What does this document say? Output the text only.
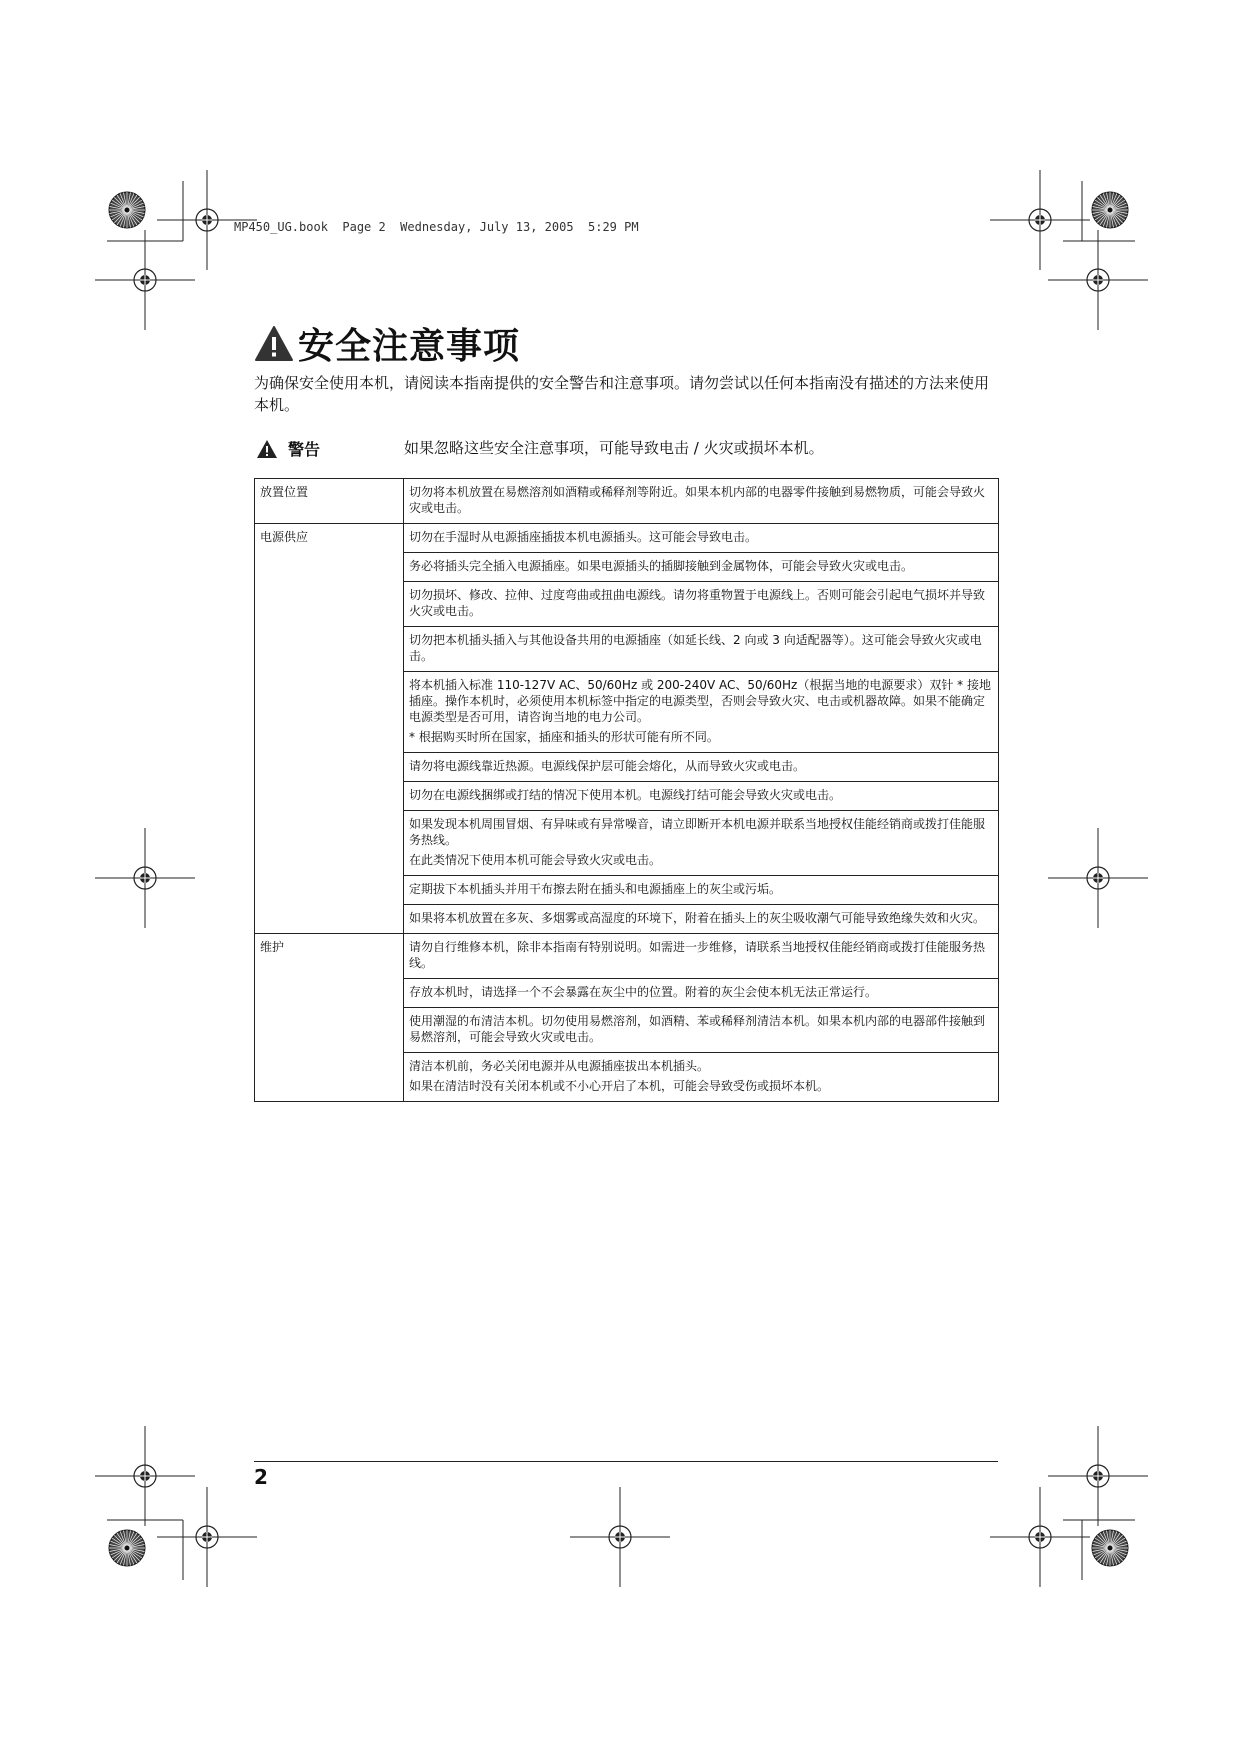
MP450_UG.book  Page 2  Wednesday, July 13, 2005  5:29 PM
安全注意事项
为确保安全使用本机，请阅读本指南提供的安全警告和注意事项。请勿尝试以任何本指南没有描述的方法来使用本机。
警告	如果忽略这些安全注意事项，可能导致电击 / 火灾或损坏本机。
放置位置	切勿将本机放置在易燃溶剂如酒精或稀释剂等附近。如果本机内部的电器零件接触到易燃物质，可能会导致火灾或电击。

电源供应	切勿在手湿时从电源插座插拔本机电源插头。这可能会导致电击。

	务必将插头完全插入电源插座。如果电源插头的插脚接触到金属物体，可能会导致火灾或电击。

	切勿损坏、修改、拉伸、过度弯曲或扭曲电源线。请勿将重物置于电源线上。否则可能会引起电气损坏并导致火灾或电击。

	切勿把本机插头插入与其他设备共用的电源插座（如延长线、2 向或 3 向适配器等）。这可能会导致火灾或电击。

	将本机插入标准 110-127V AC、50/60Hz 或 200-240V AC、50/60Hz（根据当地的电源要求）双针 * 接地插座。操作本机时，必须使用本机标签中指定的电源类型，否则会导致火灾、电击或机器故障。如果不能确定电源类型是否可用，请咨询当地的电力公司。

* 根据购买时所在国家，插座和插头的形状可能有所不同。

	请勿将电源线靠近热源。电源线保护层可能会熔化，从而导致火灾或电击。

	切勿在电源线捆绑或打结的情况下使用本机。电源线打结可能会导致火灾或电击。

	如果发现本机周围冒烟、有异味或有异常噪音，请立即断开本机电源并联系当地授权佳能经销商或拨打佳能服务热线。

在此类情况下使用本机可能会导致火灾或电击。

	定期拔下本机插头并用干布擦去附在插头和电源插座上的灰尘或污垢。

	如果将本机放置在多灰、多烟雾或高湿度的环境下，附着在插头上的灰尘吸收潮气可能导致绝缘失效和火灾。

维护	请勿自行维修本机，除非本指南有特别说明。如需进一步维修，请联系当地授权佳能经销商或拨打佳能服务热线。

	存放本机时，请选择一个不会暴露在灰尘中的位置。附着的灰尘会使本机无法正常运行。

	使用潮湿的布清洁本机。切勿使用易燃溶剂，如酒精、苯或稀释剂清洁本机。如果本机内部的电器部件接触到易燃溶剂，可能会导致火灾或电击。

	清洁本机前，务必关闭电源并从电源插座拔出本机插头。

如果在清洁时没有关闭本机或不小心开启了本机，可能会导致受伤或损坏本机。

2
